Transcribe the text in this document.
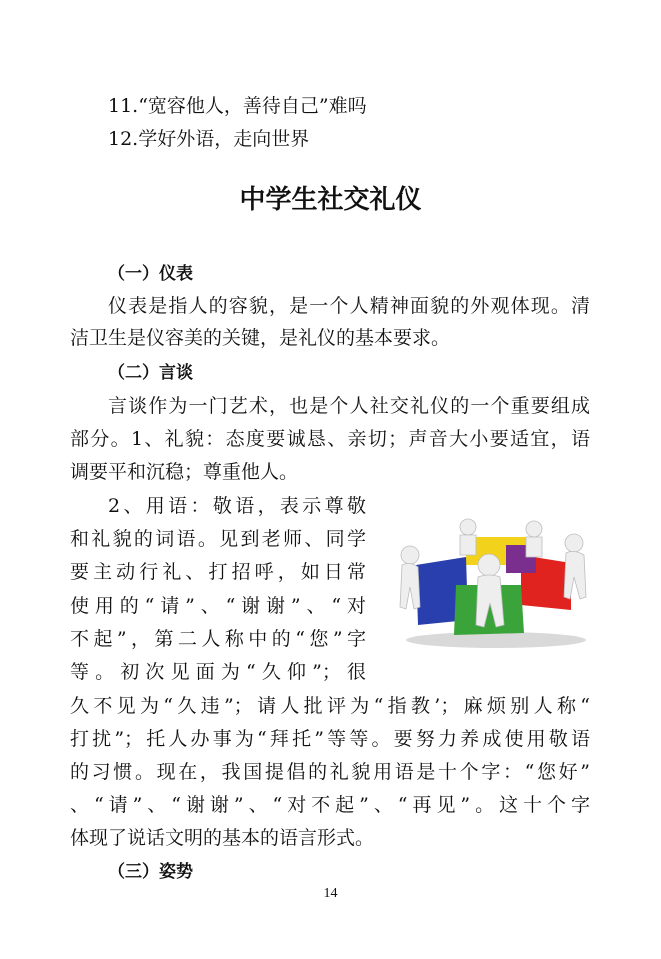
11.“宽容他人，善待自己”难吗
12.学好外语，走向世界
中学生社交礼仪
（一）仪表
仪表是指人的容貌，是一个人精神面貌的外观体现。清
洁卫生是仪容美的关键，是礼仪的基本要求。
（二）言谈
言谈作为一门艺术，也是个人社交礼仪的一个重要组成
部分。1、礼貌：态度要诚恳、亲切；声音大小要适宜，语
调要平和沉稳；尊重他人。
2、用语：敬语，表示尊敬
和礼貌的词语。见到老师、同学
要主动行礼、打招呼，如日常
使用的“请”、“谢谢”、“对
不起”，第二人称中的“您”字
等。初次见面为“久仰”；很
久不见为“久违”；请人批评为“指教’；麻烦别人称“
打扰”；托人办事为“拜托”等等。要努力养成使用敬语
的习惯。现在，我国提倡的礼貌用语是十个字：“您好”
、“请”、“谢谢”、“对不起”、“再见”。这十个字
体现了说话文明的基本的语言形式。
（三）姿势
14
